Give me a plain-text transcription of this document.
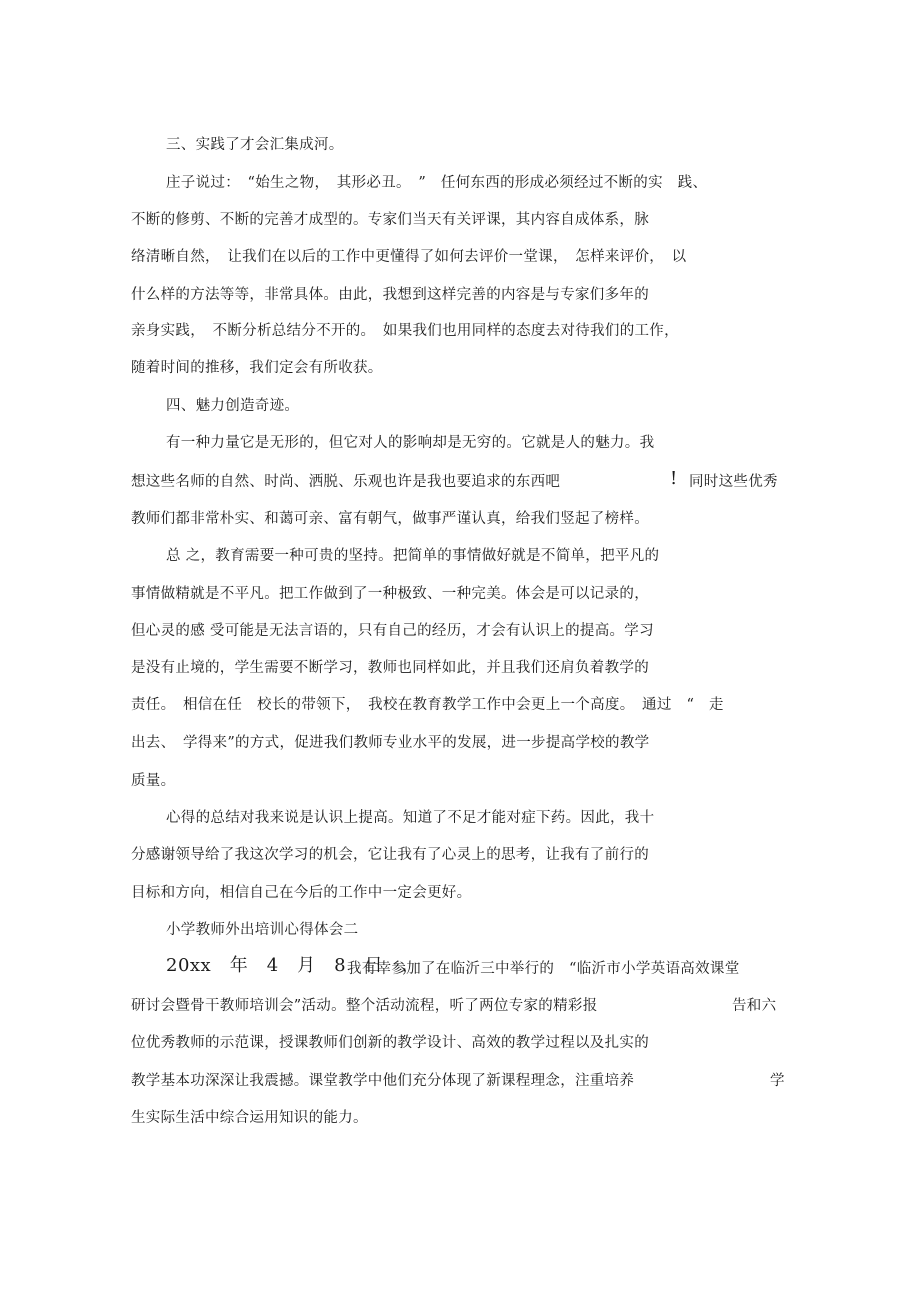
三、实践了才会汇集成河。
庄子说过：　“始生之物，　其形必丑。　”　任何东西的形成必须经过不断的实　践、
不断的修剪、不断的完善才成型的。专家们当天有关评课，其内容自成体系，脉
络清晰自然，　让我们在以后的工作中更懂得了如何去评价一堂课，　怎样来评价，　以
什么样的方法等等，非常具体。由此，我想到这样完善的内容是与专家们多年的
亲身实践，　不断分析总结分不开的。　如果我们也用同样的态度去对待我们的工作，
随着时间的推移，我们定会有所收获。
四、魅力创造奇迹。
有一种力量它是无形的，但它对人的影响却是无穷的。它就是人的魅力。我
想这些名师的自然、时尚、洒脱、乐观也许是我也要追求的东西吧	! 同时这些优秀
教师们都非常朴实、和蔼可亲、富有朝气，做事严谨认真，给我们竖起了榜样。
总 之，教育需要一种可贵的坚持。把简单的事情做好就是不简单，把平凡的
事情做精就是不平凡。把工作做到了一种极致、一种完美。体会是可以记录的，
但心灵的感 受可能是无法言语的，只有自己的经历，才会有认识上的提高。学习
是没有止境的，学生需要不断学习，教师也同样如此，并且我们还肩负着教学的
责任。　相信在任　校长的带领下，　我校在教育教学工作中会更上一个高度。　通过　“　走
出去、　学得来”的方式，促进我们教师专业水平的发展，进一步提高学校的教学
质量。
心得的总结对我来说是认识上提高。知道了不足才能对症下药。因此，我十
分感谢领导给了我这次学习的机会，它让我有了心灵上的思考，让我有了前行的
目标和方向，相信自己在今后的工作中一定会更好。
小学教师外出培训心得体会二
20xx　年　4　月　8　日　，
我有幸参加了在临沂三中举行的　“临沂市小学英语高效课堂
研讨会暨骨干教师培训会”活动。整个活动流程，听了两位专家的精彩报	告和六
位优秀教师的示范课，授课教师们创新的教学设计、高效的教学过程以及扎实的
教学基本功深深让我震撼。课堂教学中他们充分体现了新课程理念，注重培养	学
生实际生活中综合运用知识的能力。
